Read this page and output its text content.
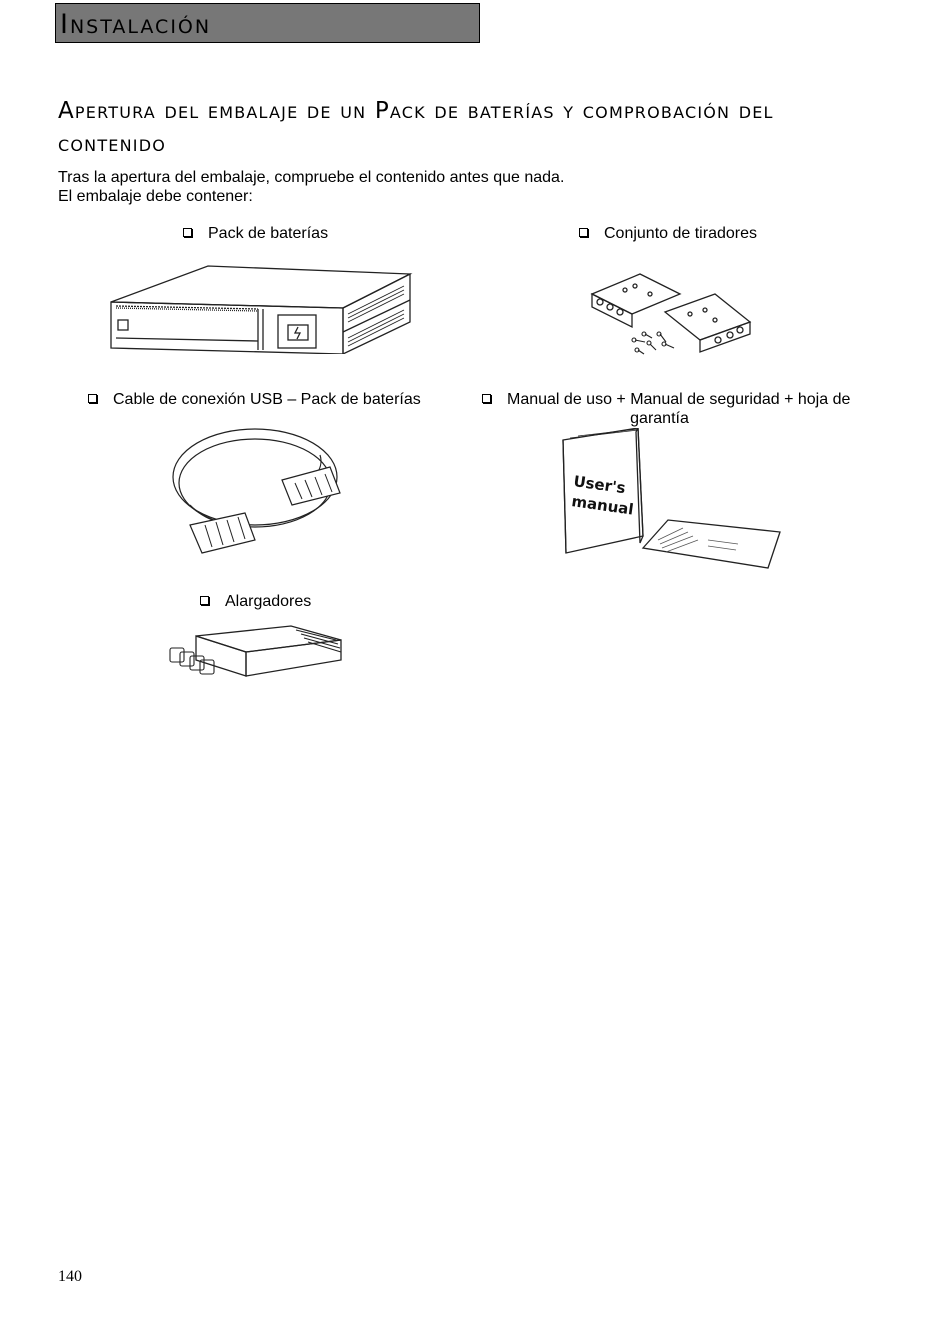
Instalación
Apertura del embalaje de un Pack de baterías y comprobación del contenido
Tras la apertura del embalaje, compruebe el contenido antes que nada.
El embalaje debe contener:
Pack de baterías	Conjunto de tiradores
Cable de conexión USB – Pack de baterías	Manual de uso + Manual de seguridad + hoja de

garantía
User's
manual
Alargadores
140
